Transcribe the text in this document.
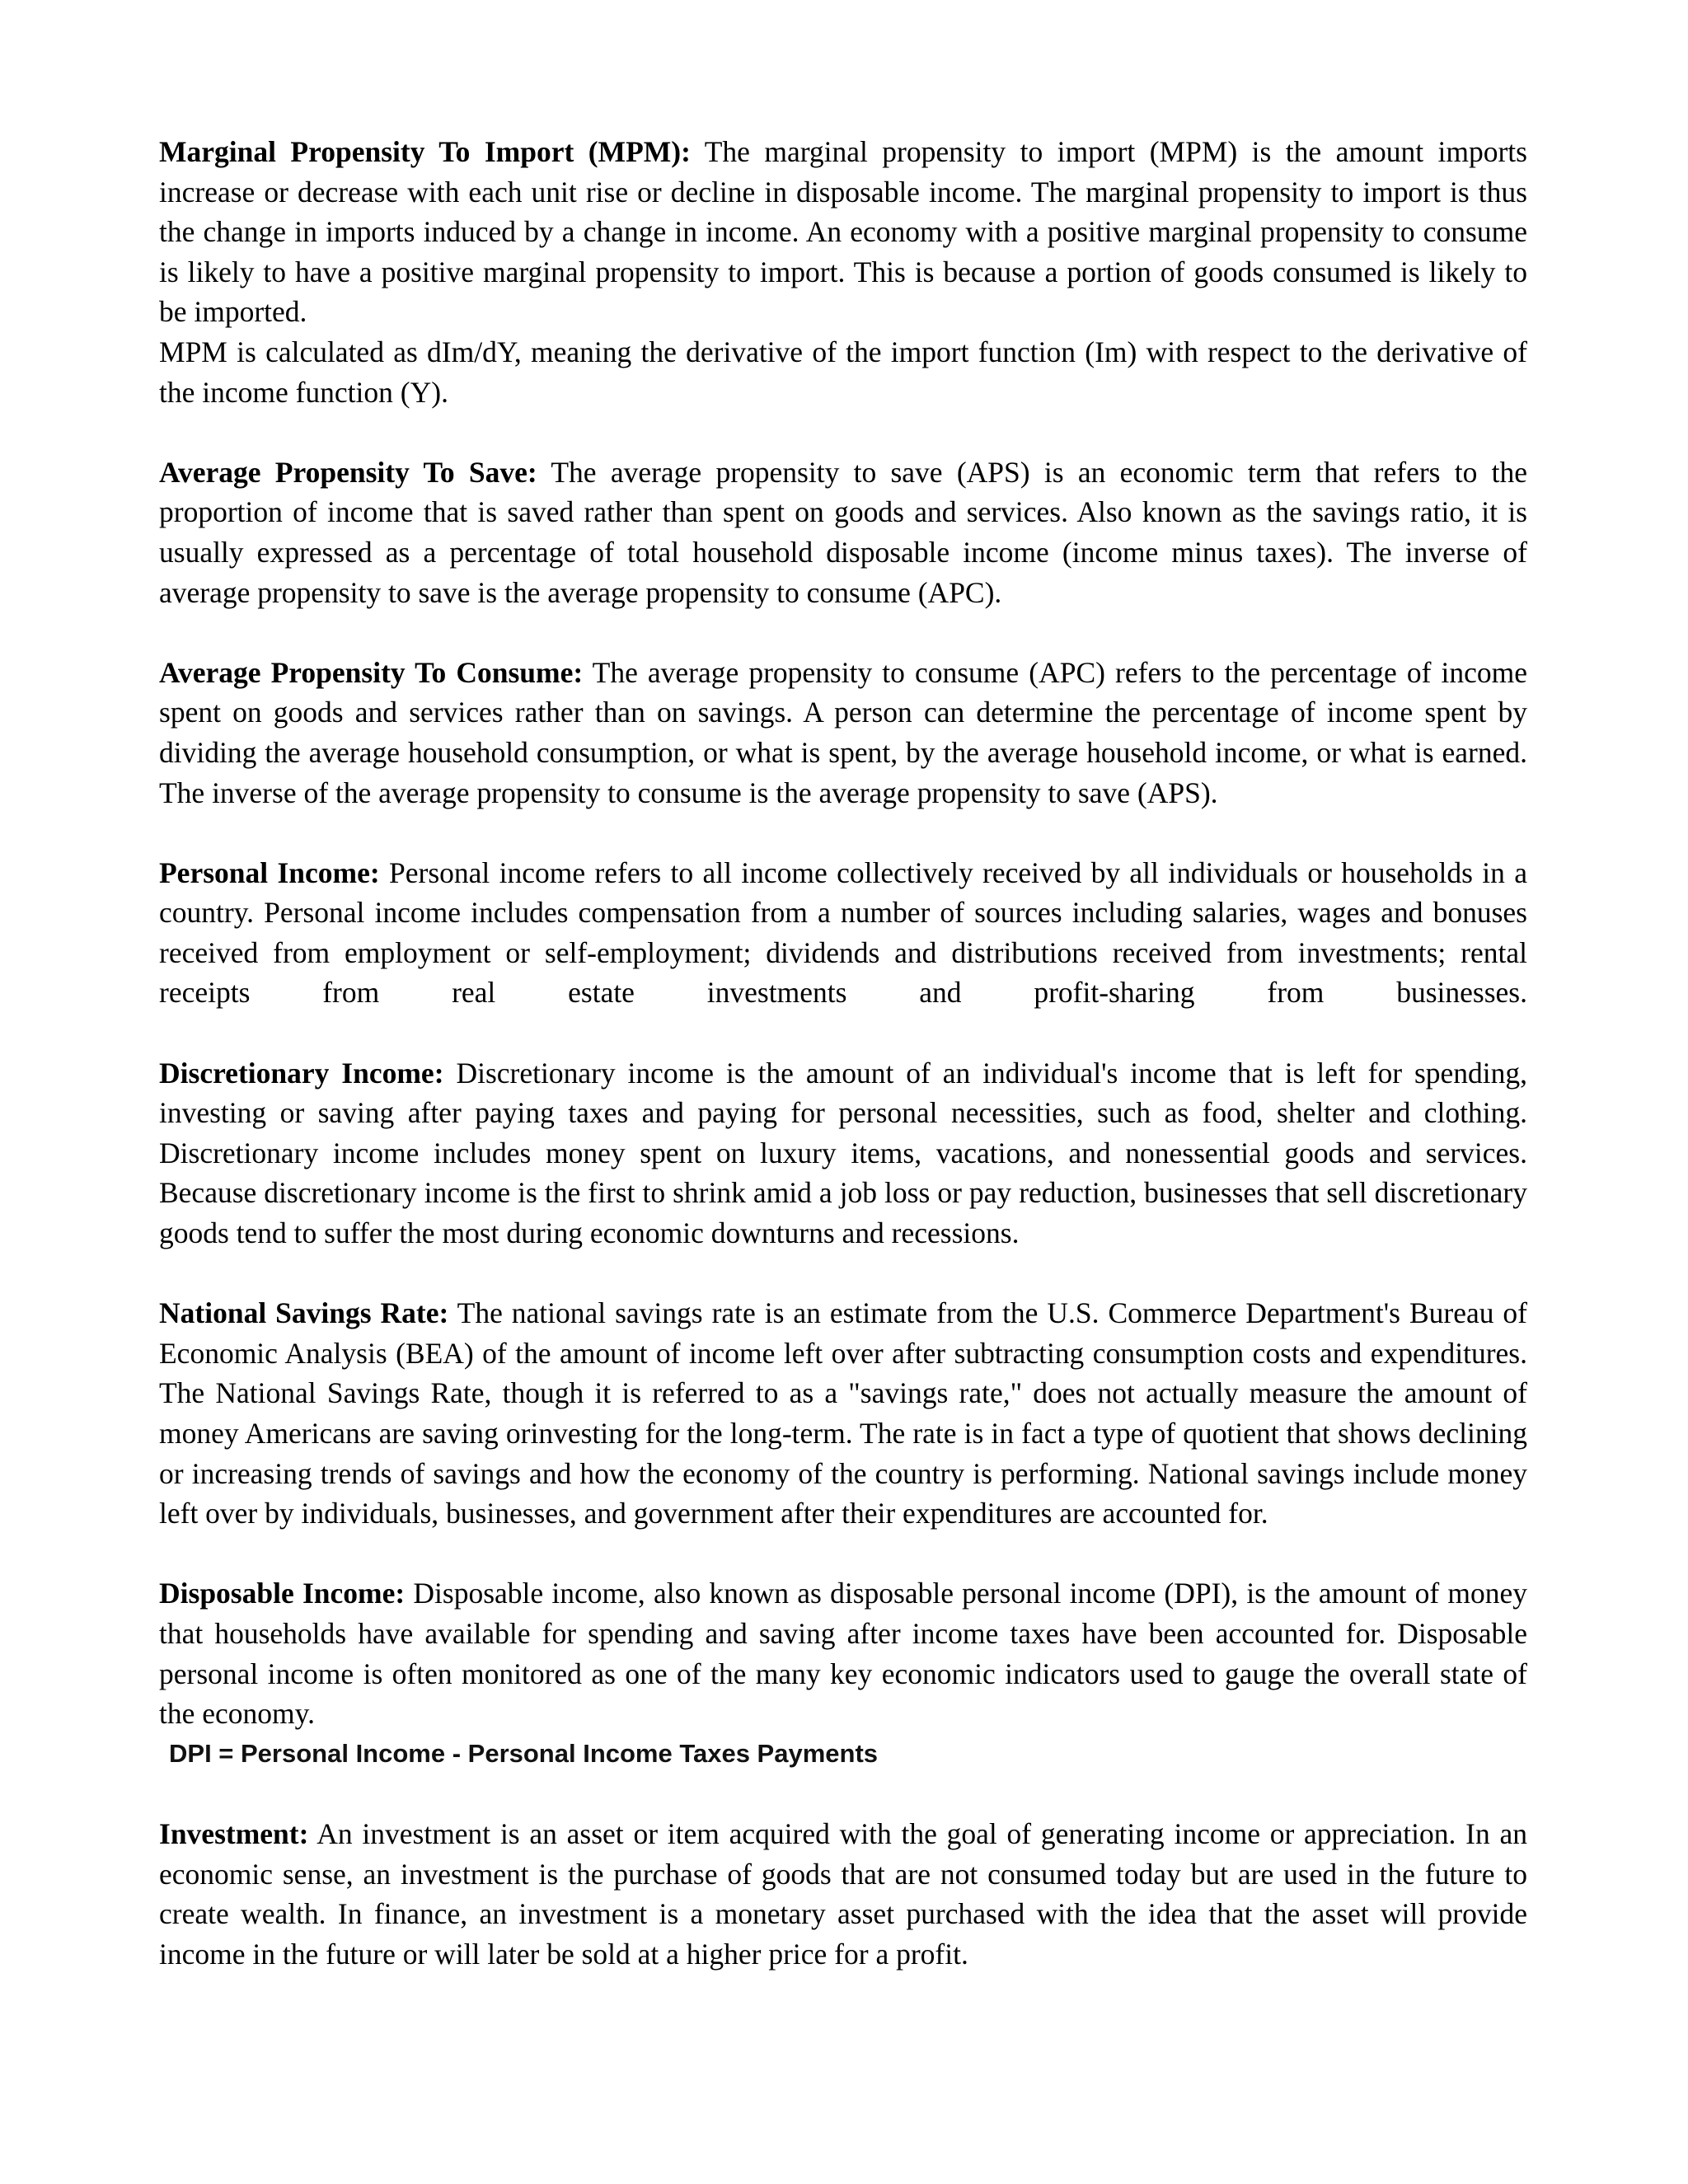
Marginal Propensity To Import (MPM): The marginal propensity to import (MPM) is the amount imports increase or decrease with each unit rise or decline in disposable income. The marginal propensity to import is thus the change in imports induced by a change in income. An economy with a positive marginal propensity to consume is likely to have a positive marginal propensity to import. This is because a portion of goods consumed is likely to be imported.

MPM is calculated as dIm/dY, meaning the derivative of the import function (Im) with respect to the derivative of the income function (Y).

Average Propensity To Save: The average propensity to save (APS) is an economic term that refers to the proportion of income that is saved rather than spent on goods and services. Also known as the savings ratio, it is usually expressed as a percentage of total household disposable income (income minus taxes). The inverse of average propensity to save is the average propensity to consume (APC).

Average Propensity To Consume: The average propensity to consume (APC) refers to the percentage of income spent on goods and services rather than on savings. A person can determine the percentage of income spent by dividing the average household consumption, or what is spent, by the average household income, or what is earned. The inverse of the average propensity to consume is the average propensity to save (APS).

Personal Income: Personal income refers to all income collectively received by all individuals or households in a country. Personal income includes compensation from a number of sources including salaries, wages and bonuses received from employment or self-employment; dividends and distributions received from investments; rental receipts from real estate investments and profit-sharing from businesses.

Discretionary Income: Discretionary income is the amount of an individual's income that is left for spending, investing or saving after paying taxes and paying for personal necessities, such as food, shelter and clothing. Discretionary income includes money spent on luxury items, vacations, and nonessential goods and services. Because discretionary income is the first to shrink amid a job loss or pay reduction, businesses that sell discretionary goods tend to suffer the most during economic downturns and recessions.

National Savings Rate: The national savings rate is an estimate from the U.S. Commerce Department's Bureau of Economic Analysis (BEA) of the amount of income left over after subtracting consumption costs and expenditures. The National Savings Rate, though it is referred to as a "savings rate," does not actually measure the amount of money Americans are saving orinvesting for the long-term. The rate is in fact a type of quotient that shows declining or increasing trends of savings and how the economy of the country is performing. National savings include money left over by individuals, businesses, and government after their expenditures are accounted for.

Disposable Income: Disposable income, also known as disposable personal income (DPI), is the amount of money that households have available for spending and saving after income taxes have been accounted for. Disposable personal income is often monitored as one of the many key economic indicators used to gauge the overall state of the economy.

DPI = Personal Income - Personal Income Taxes Payments

Investment: An investment is an asset or item acquired with the goal of generating income or appreciation. In an economic sense, an investment is the purchase of goods that are not consumed today but are used in the future to create wealth. In finance, an investment is a monetary asset purchased with the idea that the asset will provide income in the future or will later be sold at a higher price for a profit.
